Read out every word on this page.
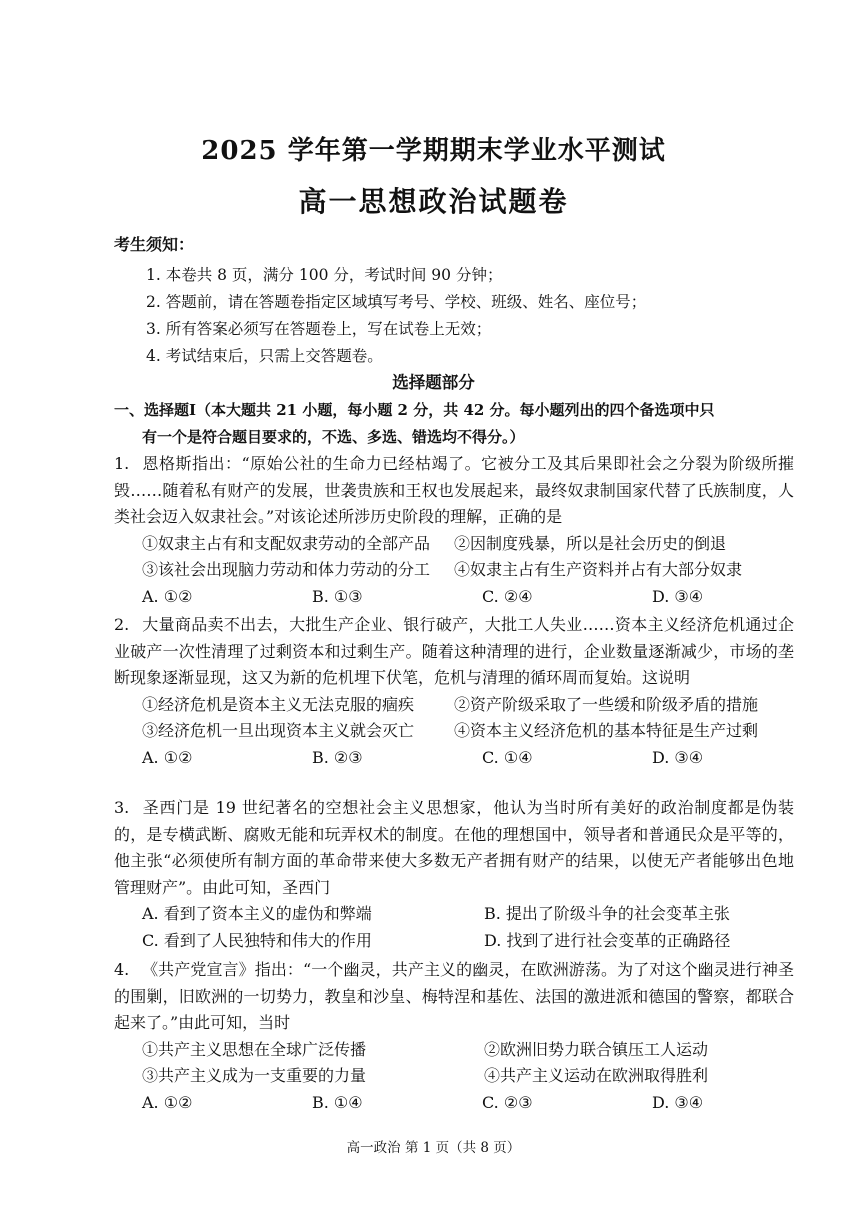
2025 学年第一学期期末学业水平测试
高一思想政治试题卷
考生须知：
1. 本卷共 8 页，满分 100 分，考试时间 90 分钟；
2. 答题前，请在答题卷指定区域填写考号、学校、班级、姓名、座位号；
3. 所有答案必须写在答题卷上，写在试卷上无效；
4. 考试结束后，只需上交答题卷。
选择题部分
一、选择题Ⅰ（本大题共 21 小题，每小题 2 分，共 42 分。每小题列出的四个备选项中只
有一个是符合题目要求的，不选、多选、错选均不得分。）
1. 恩格斯指出：“原始公社的生命力已经枯竭了。它被分工及其后果即社会之分裂为阶级所摧毁……随着私有财产的发展，世袭贵族和王权也发展起来，最终奴隶制国家代替了氏族制度，人类社会迈入奴隶社会。”对该论述所涉历史阶段的理解，正确的是
①奴隶主占有和支配奴隶劳动的全部产品	②因制度残暴，所以是社会历史的倒退
③该社会出现脑力劳动和体力劳动的分工	④奴隶主占有生产资料并占有大部分奴隶
A. ①②	B. ①③	C. ②④	D. ③④
2. 大量商品卖不出去，大批生产企业、银行破产，大批工人失业……资本主义经济危机通过企业破产一次性清理了过剩资本和过剩生产。随着这种清理的进行，企业数量逐渐减少，市场的垄断现象逐渐显现，这又为新的危机埋下伏笔，危机与清理的循环周而复始。这说明
①经济危机是资本主义无法克服的痼疾	②资产阶级采取了一些缓和阶级矛盾的措施
③经济危机一旦出现资本主义就会灭亡	④资本主义经济危机的基本特征是生产过剩
A. ①②	B. ②③	C. ①④	D. ③④
3. 圣西门是 19 世纪著名的空想社会主义思想家，他认为当时所有美好的政治制度都是伪装的，是专横武断、腐败无能和玩弄权术的制度。在他的理想国中，领导者和普通民众是平等的，他主张“必须使所有制方面的革命带来使大多数无产者拥有财产的结果，以使无产者能够出色地管理财产”。由此可知，圣西门
A. 看到了资本主义的虚伪和弊端	B. 提出了阶级斗争的社会变革主张
C. 看到了人民独特和伟大的作用	D. 找到了进行社会变革的正确路径
4. 《共产党宣言》指出：“一个幽灵，共产主义的幽灵，在欧洲游荡。为了对这个幽灵进行神圣的围剿，旧欧洲的一切势力，教皇和沙皇、梅特涅和基佐、法国的激进派和德国的警察，都联合起来了。”由此可知，当时
①共产主义思想在全球广泛传播	②欧洲旧势力联合镇压工人运动
③共产主义成为一支重要的力量	④共产主义运动在欧洲取得胜利
A. ①②	B. ①④	C. ②③	D. ③④
高一政治 第 1 页（共 8 页）
